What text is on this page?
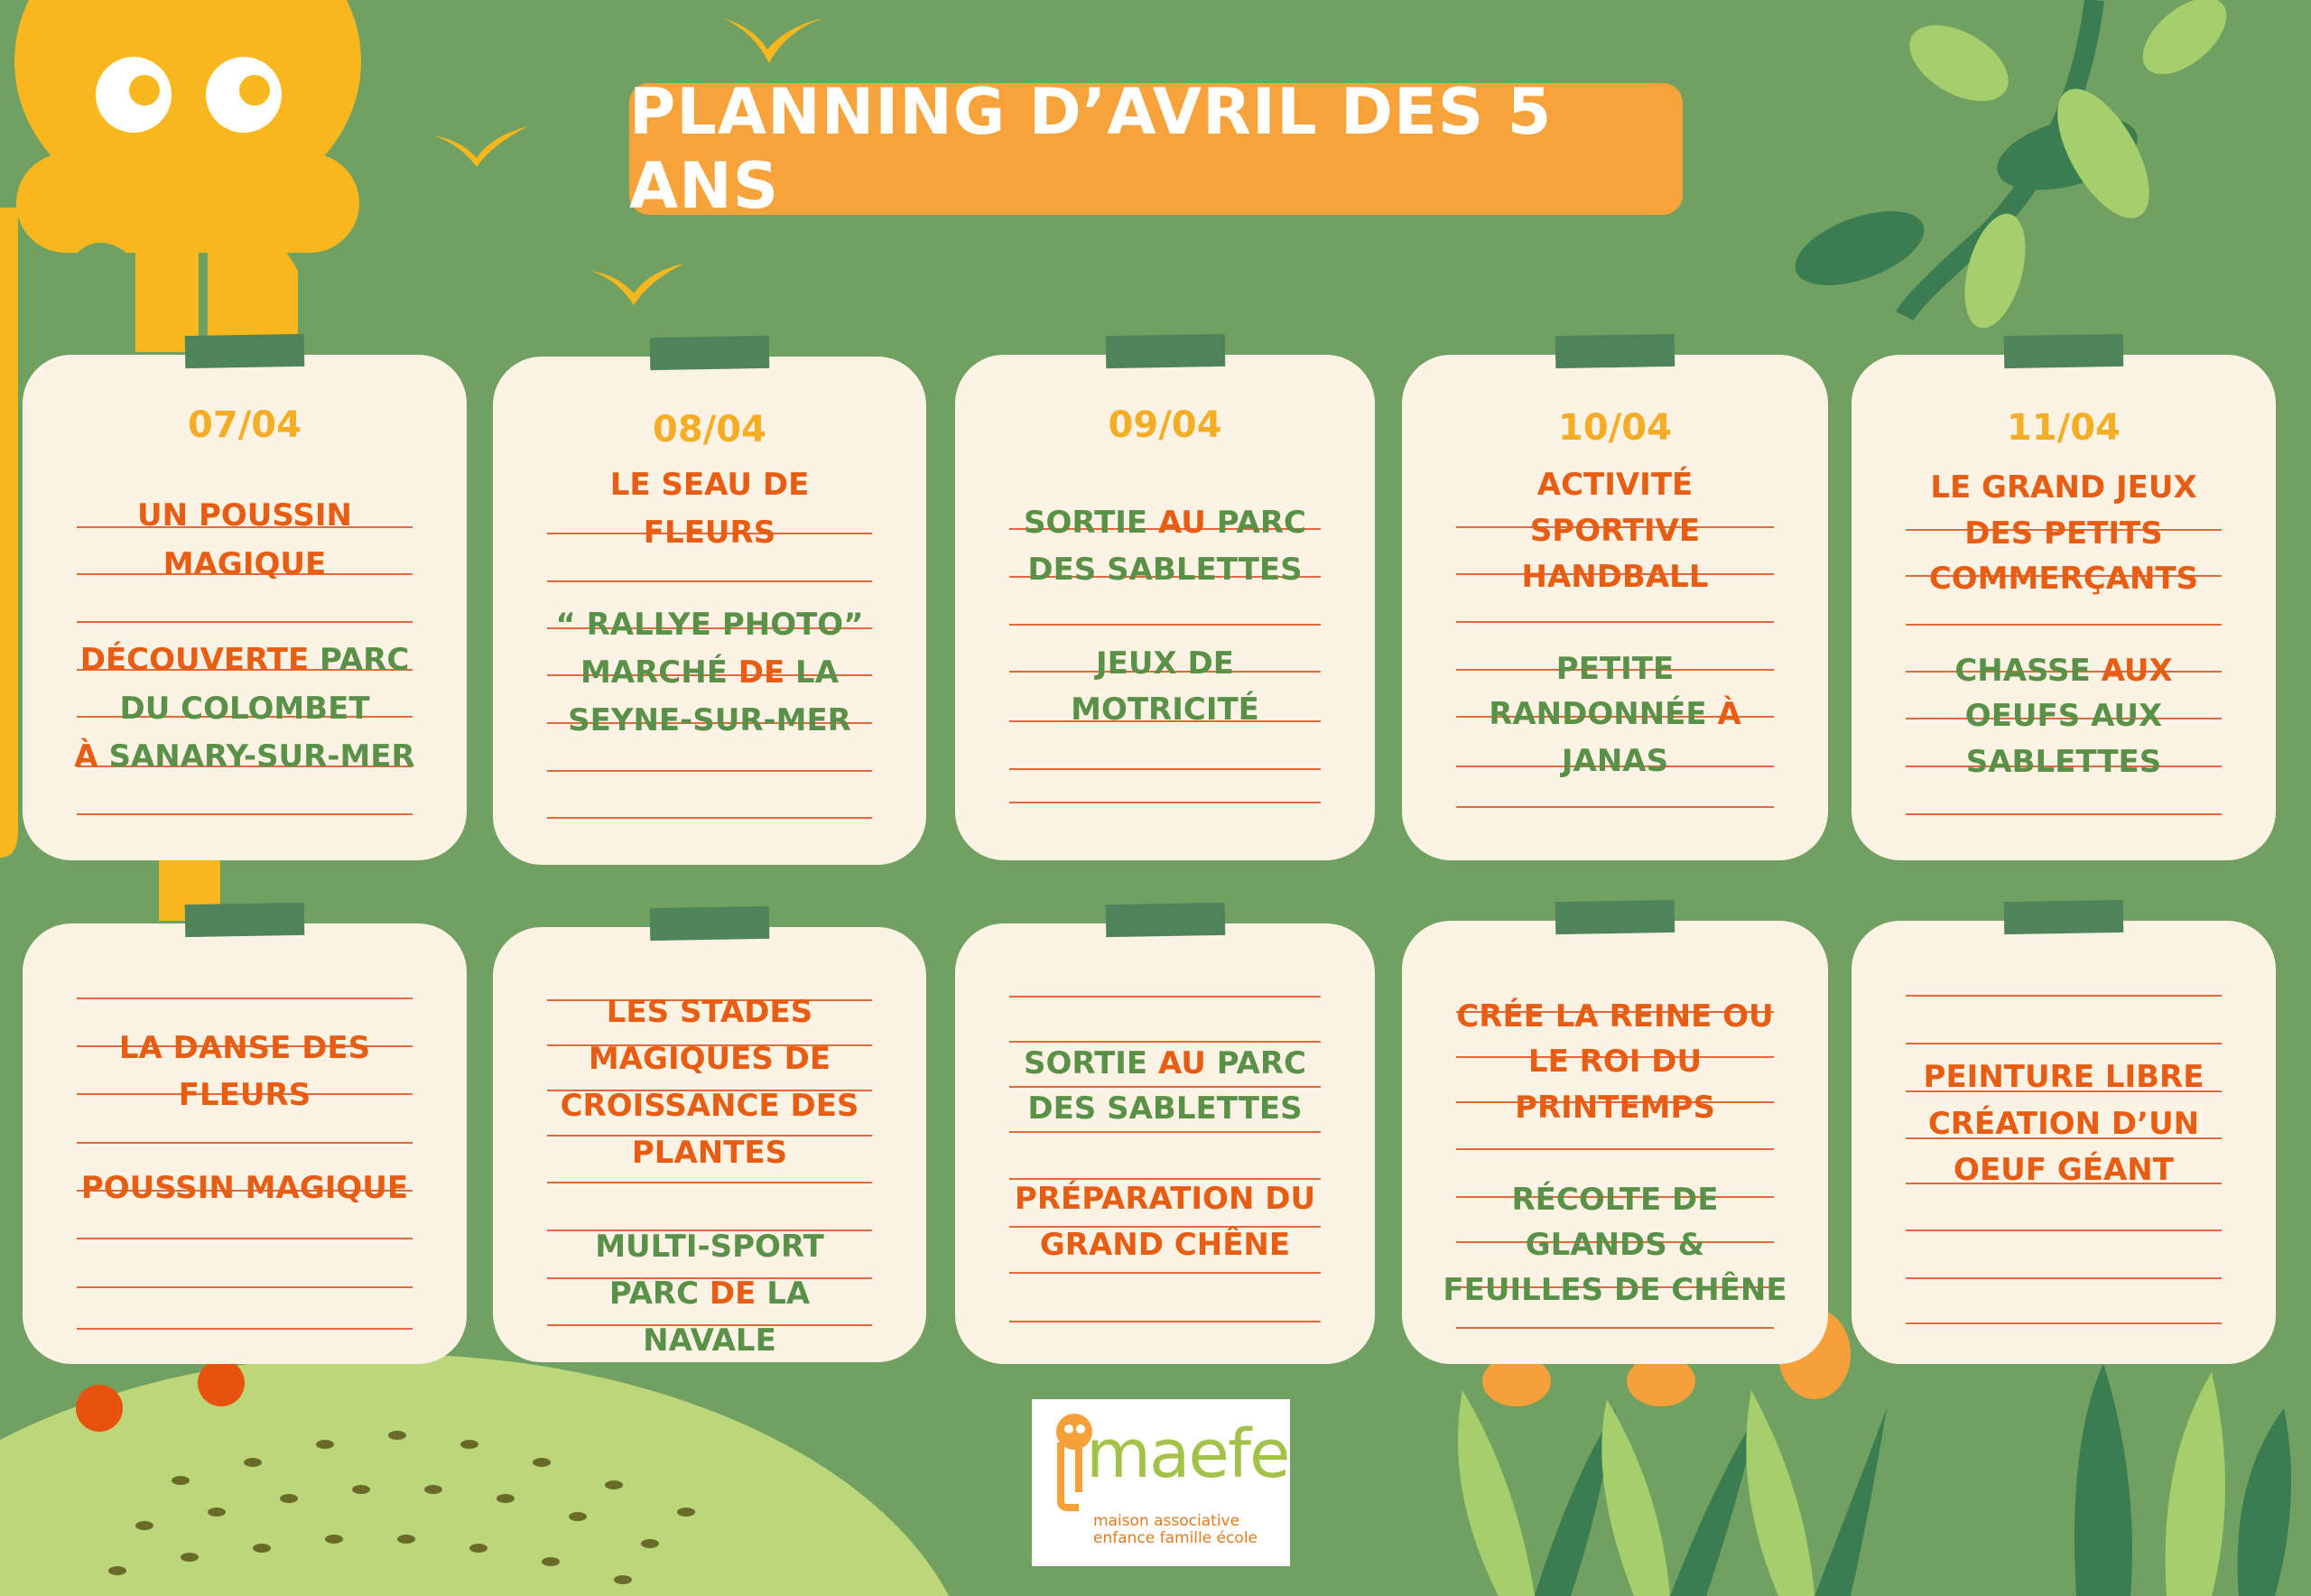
PLANNING D’AVRIL DES 5 ANS
07/04
UN POUSSIN
MAGIQUE
DÉCOUVERTE PARC
DU COLOMBET
À SANARY-SUR-MER
08/04
LE SEAU DE
FLEURS
“ RALLYE PHOTO”
MARCHÉ DE LA
SEYNE-SUR-MER
09/04
SORTIE AU PARC
DES SABLETTES
JEUX DE
MOTRICITÉ
10/04
ACTIVITÉ
SPORTIVE
HANDBALL
PETITE
RANDONNÉE À
JANAS
11/04
LE GRAND JEUX
DES PETITS
COMMERÇANTS
CHASSE AUX
OEUFS AUX
SABLETTES
LA DANSE DES
FLEURS
POUSSIN MAGIQUE
LES STADES
MAGIQUES DE
CROISSANCE DES
PLANTES
MULTI-SPORT
PARC DE LA
NAVALE
SORTIE AU PARC
DES SABLETTES
PRÉPARATION DU
GRAND CHÊNE
CRÉE LA REINE OU
LE ROI DU
PRINTEMPS
RÉCOLTE DE
GLANDS &
FEUILLES DE CHÊNE
PEINTURE LIBRE
CRÉATION D’UN
OEUF GÉANT
maefe
maison associative
enfance famille école
